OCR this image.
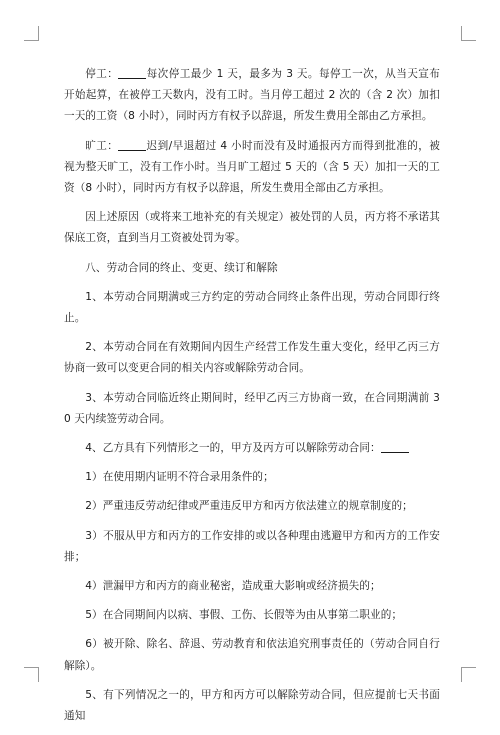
停工：	每次停工最少 1 天，最多为 3 天。每停工一次，从当天宣布开始起算，在被停工天数内，没有工时。当月停工超过 2 次的（含 2 次）加扣一天的工资（8 小时），同时丙方有权予以辞退，所发生费用全部由乙方承担。

旷工：	迟到/早退超过 4 小时而没有及时通报丙方而得到批准的，被视为整天旷工，没有工作小时。当月旷工超过 5 天的（含 5 天）加扣一天的工资（8 小时），同时丙方有权予以辞退，所发生费用全部由乙方承担。

因上述原因（或将来工地补充的有关规定）被处罚的人员，丙方将不承诺其保底工资，直到当月工资被处罚为零。

八、劳动合同的终止、变更、续订和解除

1、本劳动合同期满或三方约定的劳动合同终止条件出现，劳动合同即行终止。

2、本劳动合同在有效期间内因生产经营工作发生重大变化，经甲乙丙三方协商一致可以变更合同的相关内容或解除劳动合同。

3、本劳动合同临近终止期间时，经甲乙丙三方协商一致，在合同期满前 30 天内续签劳动合同。

4、乙方具有下列情形之一的，甲方及丙方可以解除劳动合同：

1）在使用期内证明不符合录用条件的；

2）严重违反劳动纪律或严重违反甲方和丙方依法建立的规章制度的；

3）不服从甲方和丙方的工作安排的或以各种理由逃避甲方和丙方的工作安排；

4）泄漏甲方和丙方的商业秘密，造成重大影响或经济损失的；

5）在合同期间内以病、事假、工伤、长假等为由从事第二职业的；

6）被开除、除名、辞退、劳动教育和依法追究刑事责任的（劳动合同自行解除）。

5、有下列情况之一的，甲方和丙方可以解除劳动合同，但应提前七天书面通知
